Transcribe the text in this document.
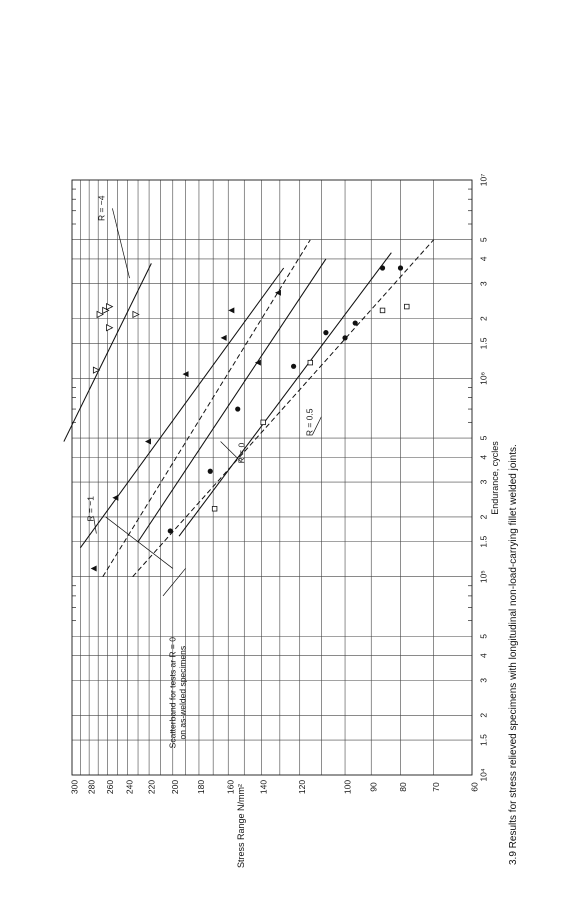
60
70
80
90
100
120
140
160
180
200
220
240
260
280
300
10⁴
1.5
2
3
4
5
10⁵
1.5
2
3
4
5
10⁶
1.5
2
3
4
5
10⁷
R = −4
R = −1
R = 0
R = 0.5
Scatterband for tests ar R = 0 on as-welded specimens
Endurance, cycles
Stress Range N/mm²	3.9 Results for stress relieved specimens with longitudinal non-load-carrying fillet welded joints.
